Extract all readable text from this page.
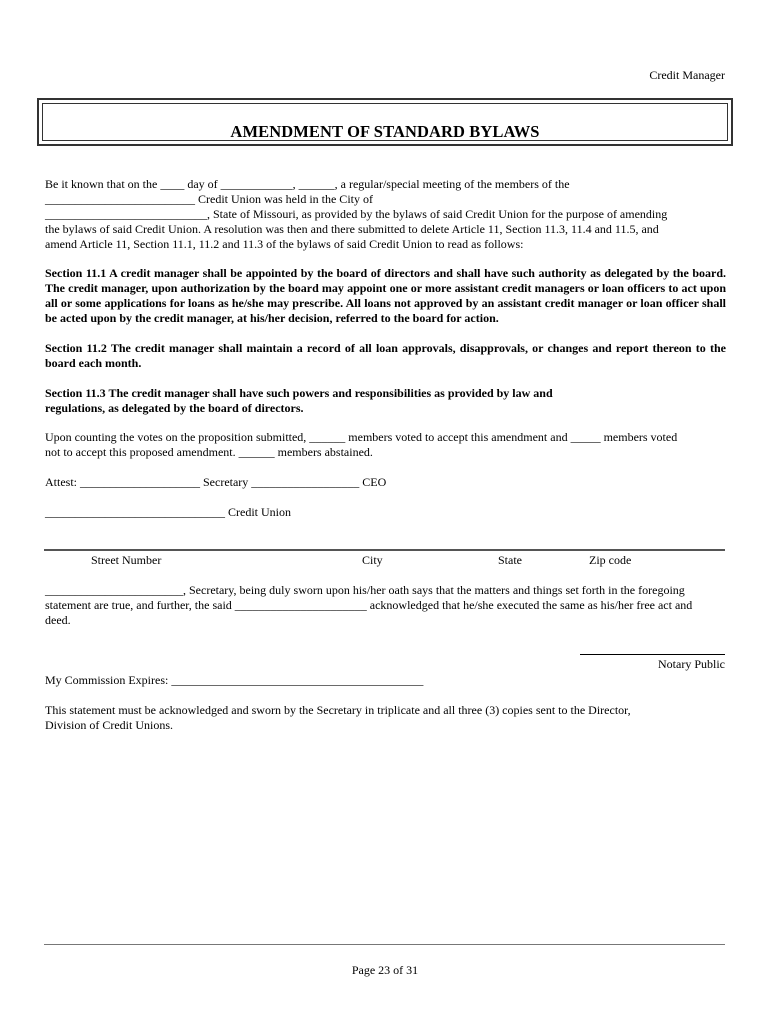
Credit Manager
AMENDMENT OF STANDARD BYLAWS

Be it known that on the ____ day of ____________, ______, a regular/special meeting of the members of the

_________________________ Credit Union was held in the City of

___________________________, State of Missouri, as provided by the bylaws of said Credit Union for the purpose of amending

the bylaws of said Credit Union. A resolution was then and there submitted to delete Article 11, Section 11.3, 11.4 and 11.5, and

amend Article 11, Section 11.1, 11.2 and 11.3 of the bylaws of said Credit Union to read as follows:

Section 11.1 A credit manager shall be appointed by the board of directors and shall have such authority as delegated by the board. The credit manager, upon authorization by the board may appoint one or more assistant credit managers or loan officers to act upon all or some applications for loans as he/she may prescribe. All loans not approved by an assistant credit manager or loan officer shall be acted upon by the credit manager, at his/her decision, referred to the board for action.
Section 11.2 The credit manager shall maintain a record of all loan approvals, disapprovals, or changes and report thereon to the board each month.

Section 11.3 The credit manager shall have such powers and responsibilities as provided by law and

regulations, as delegated by the board of directors.

Upon counting the votes on the proposition submitted, ______ members voted to accept this amendment and _____ members voted

not to accept this proposed amendment. ______ members abstained.

Attest: ____________________ Secretary __________________ CEO
______________________________ Credit Union
Street Number	City	State	Zip code

_______________________, Secretary, being duly sworn upon his/her oath says that the matters and things set forth in the foregoing

statement are true, and further, the said ______________________ acknowledged that he/she executed the same as his/her free act and

deed.

Notary Public
My Commission Expires: __________________________________________

This statement must be acknowledged and sworn by the Secretary in triplicate and all three (3) copies sent to the Director,

Division of Credit Unions.

Page 23 of 31
